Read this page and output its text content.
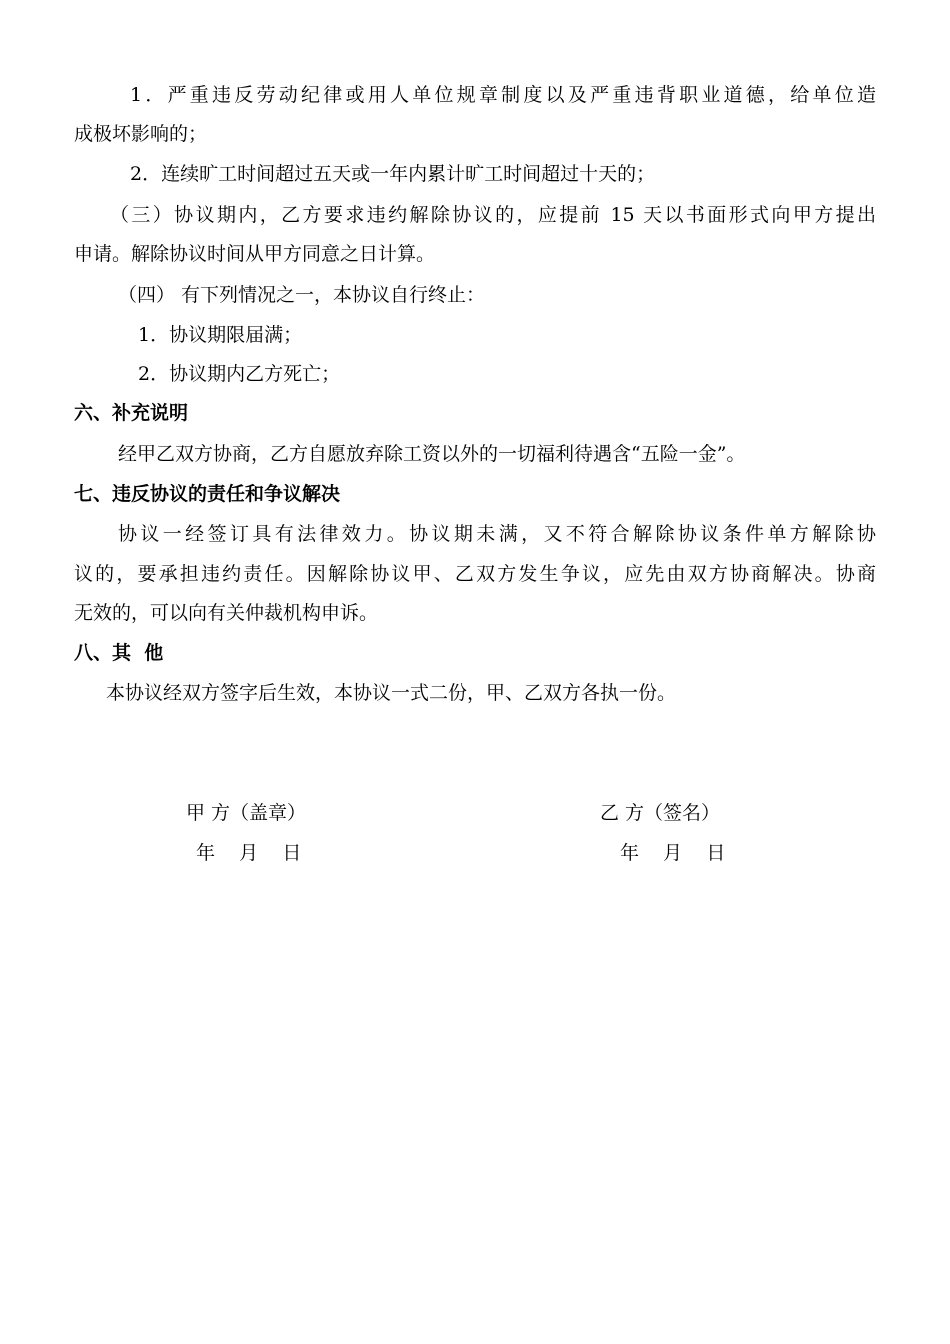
1．严重违反劳动纪律或用人单位规章制度以及严重违背职业道德，给单位造
成极坏影响的；
2．连续旷工时间超过五天或一年内累计旷工时间超过十天的；
（三）协议期内，乙方要求违约解除协议的，应提前 15 天以书面形式向甲方提出
申请。解除协议时间从甲方同意之日计算。
（四） 有下列情况之一，本协议自行终止：
1．协议期限届满；
2．协议期内乙方死亡；
六、补充说明
经甲乙双方协商，乙方自愿放弃除工资以外的一切福利待遇含“五险一金”。
七、违反协议的责任和争议解决
协议一经签订具有法律效力。协议期未满，又不符合解除协议条件单方解除协
议的，要承担违约责任。因解除协议甲、乙双方发生争议，应先由双方协商解决。协商
无效的，可以向有关仲裁机构申诉。
八、其  他
本协议经双方签字后生效，本协议一式二份，甲、乙双方各执一份。
甲 方（盖章）
年    月    日
乙 方（签名）
年    月    日
